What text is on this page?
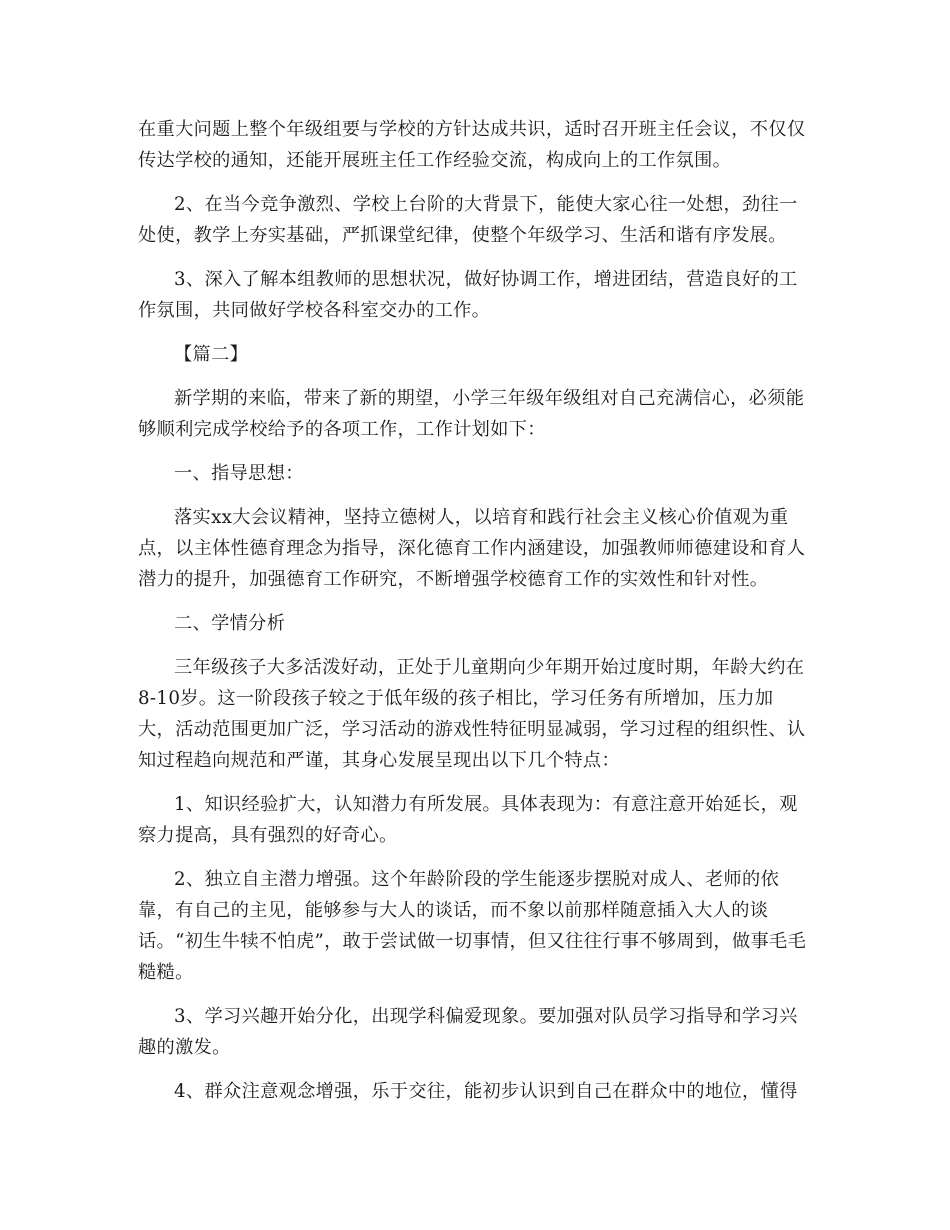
在重大问题上整个年级组要与学校的方针达成共识，适时召开班主任会议，不仅仅
传达学校的通知，还能开展班主任工作经验交流，构成向上的工作氛围。
2、在当今竞争激烈、学校上台阶的大背景下，能使大家心往一处想，劲往一
处使，教学上夯实基础，严抓课堂纪律，使整个年级学习、生活和谐有序发展。
3、深入了解本组教师的思想状况，做好协调工作，增进团结，营造良好的工
作氛围，共同做好学校各科室交办的工作。
【篇二】
新学期的来临，带来了新的期望，小学三年级年级组对自己充满信心，必须能
够顺利完成学校给予的各项工作，工作计划如下：
一、指导思想：
落实xx大会议精神，坚持立德树人，以培育和践行社会主义核心价值观为重
点，以主体性德育理念为指导，深化德育工作内涵建设，加强教师师德建设和育人
潜力的提升，加强德育工作研究，不断增强学校德育工作的实效性和针对性。
二、学情分析
三年级孩子大多活泼好动，正处于儿童期向少年期开始过度时期，年龄大约在
8-10岁。这一阶段孩子较之于低年级的孩子相比，学习任务有所增加，压力加
大，活动范围更加广泛，学习活动的游戏性特征明显减弱，学习过程的组织性、认
知过程趋向规范和严谨，其身心发展呈现出以下几个特点：
1、知识经验扩大，认知潜力有所发展。具体表现为：有意注意开始延长，观
察力提高，具有强烈的好奇心。
2、独立自主潜力增强。这个年龄阶段的学生能逐步摆脱对成人、老师的依
靠，有自己的主见，能够参与大人的谈话，而不象以前那样随意插入大人的谈
话。“初生牛犊不怕虎”，敢于尝试做一切事情，但又往往行事不够周到，做事毛毛
糙糙。
3、学习兴趣开始分化，出现学科偏爱现象。要加强对队员学习指导和学习兴
趣的激发。
4、群众注意观念增强，乐于交往，能初步认识到自己在群众中的地位，懂得
